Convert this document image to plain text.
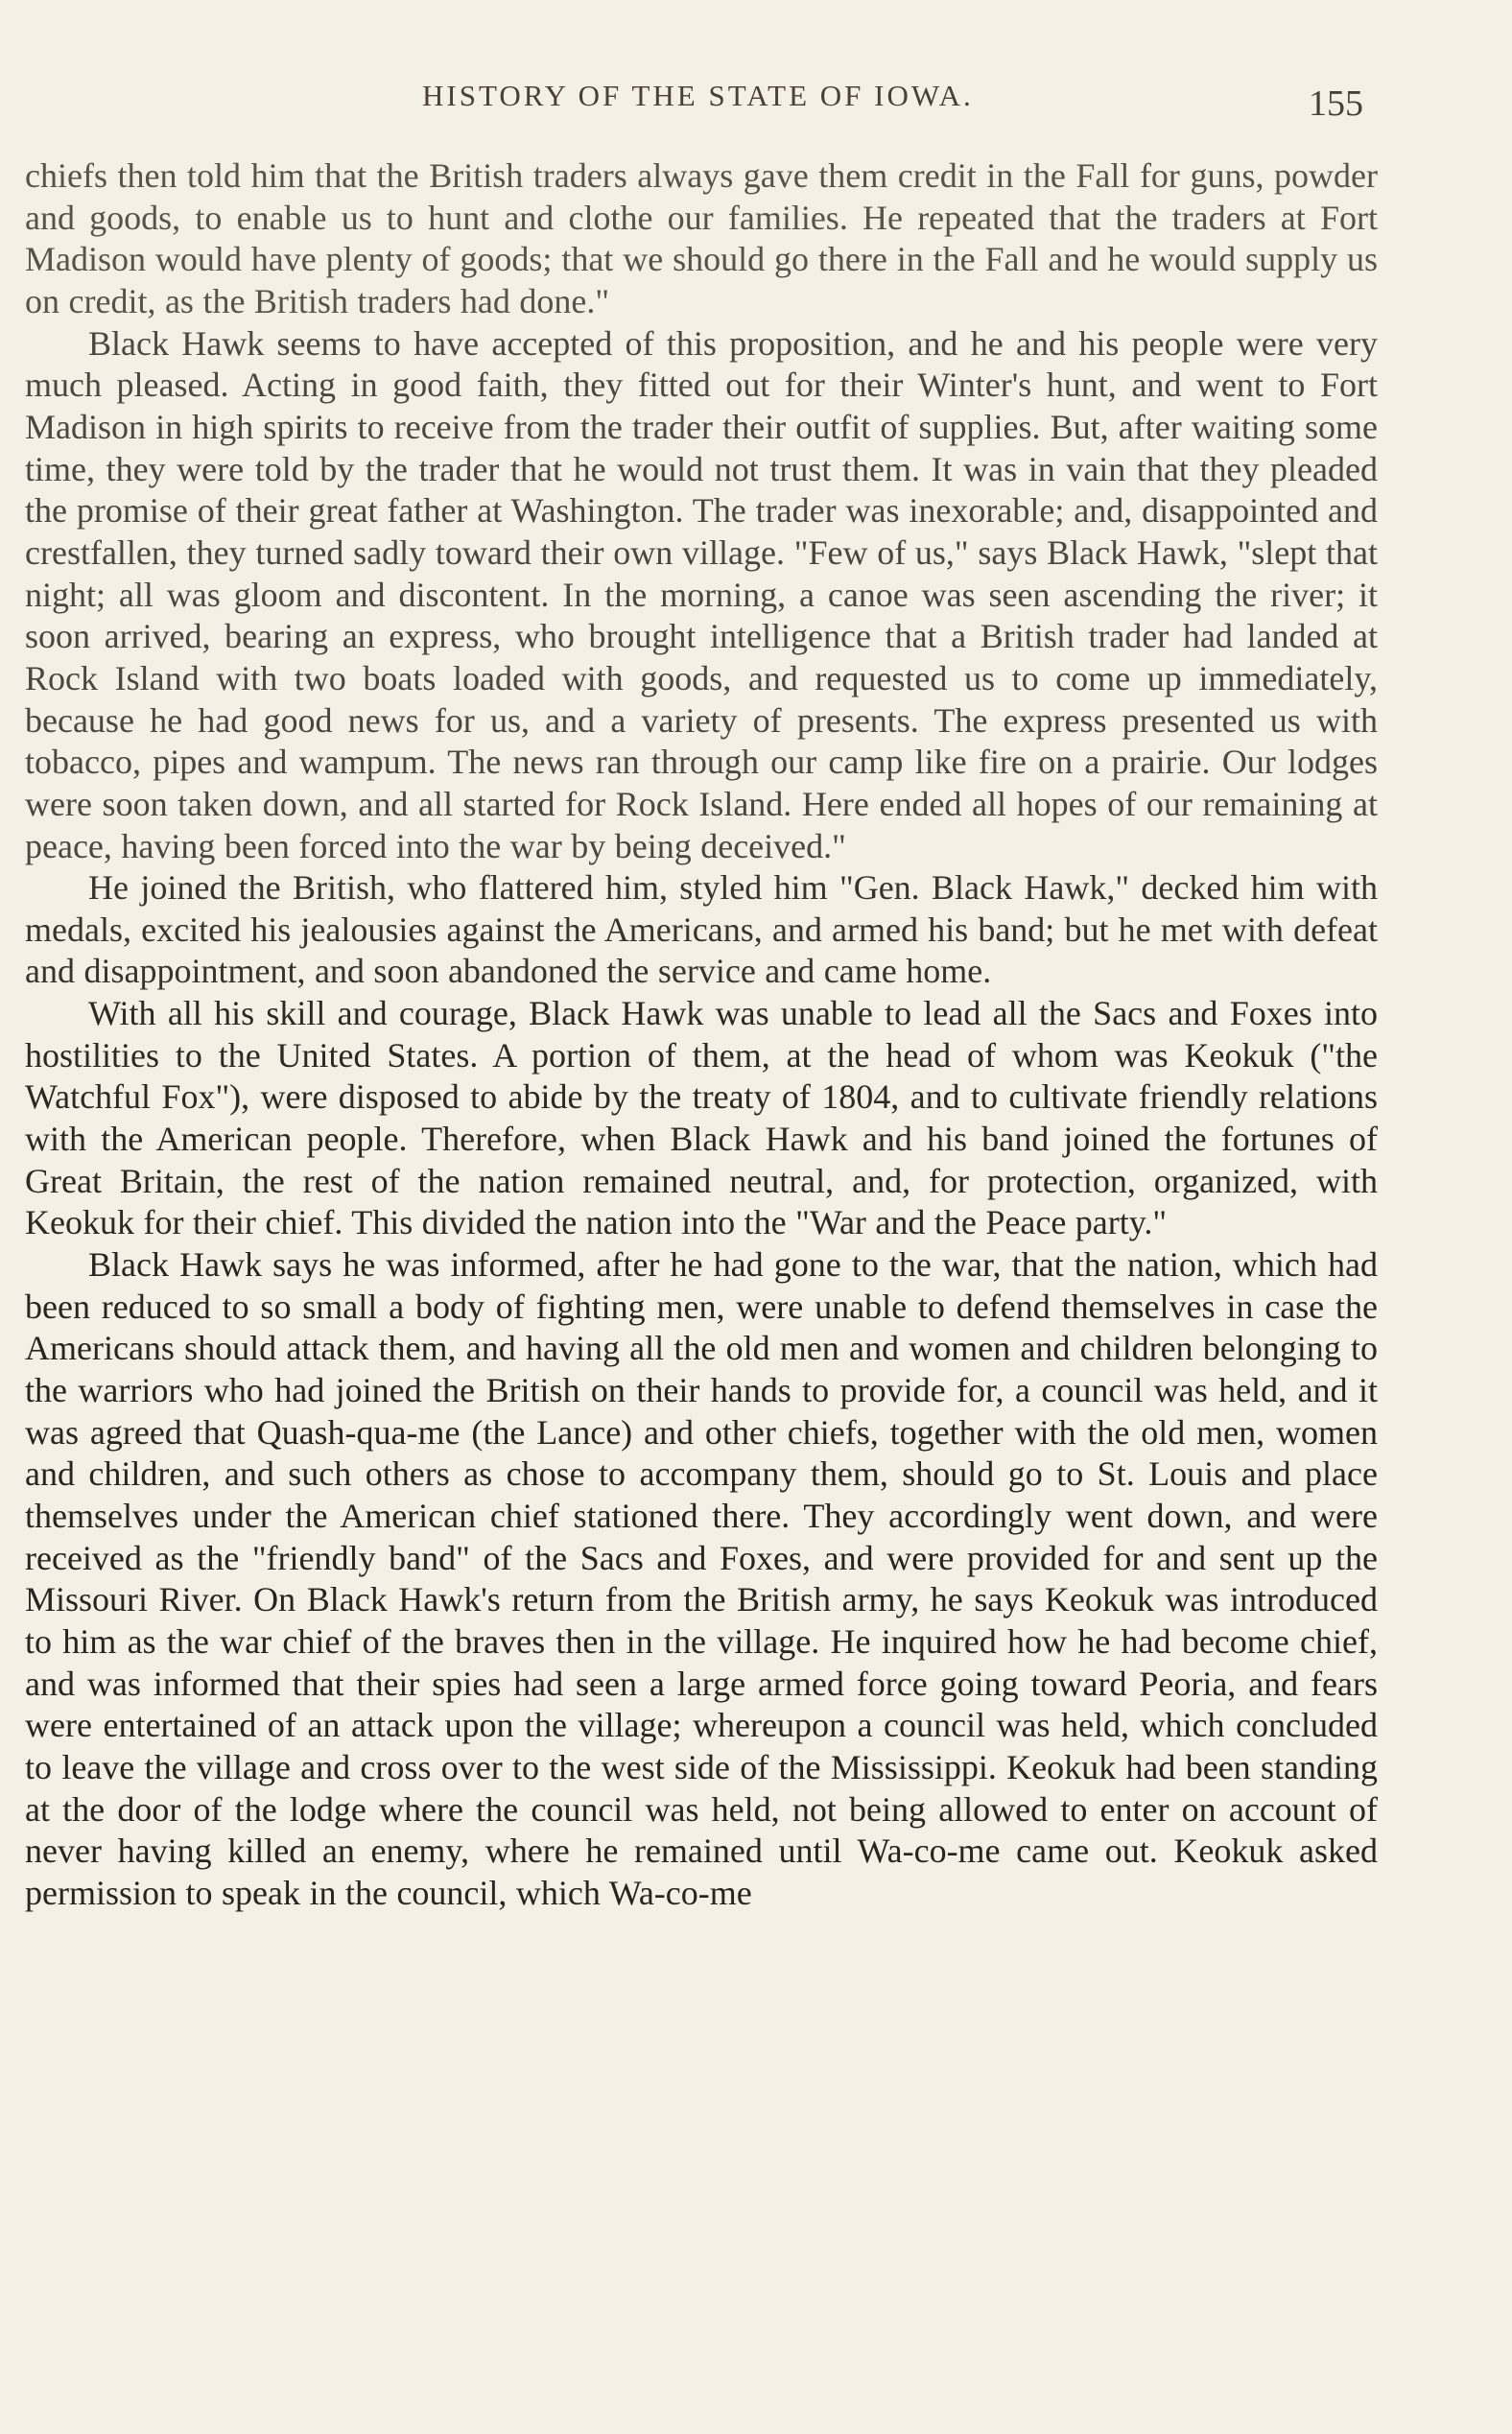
HISTORY OF THE STATE OF IOWA.	155

chiefs then told him that the British traders always gave them credit in the Fall for guns, powder and goods, to enable us to hunt and clothe our families. He repeated that the traders at Fort Madison would have plenty of goods; that we should go there in the Fall and he would supply us on credit, as the British traders had done."

Black Hawk seems to have accepted of this proposition, and he and his people were very much pleased. Acting in good faith, they fitted out for their Winter's hunt, and went to Fort Madison in high spirits to receive from the trader their outfit of supplies. But, after waiting some time, they were told by the trader that he would not trust them. It was in vain that they pleaded the promise of their great father at Washington. The trader was inexorable; and, disappointed and crestfallen, they turned sadly toward their own village. "Few of us," says Black Hawk, "slept that night; all was gloom and discontent. In the morning, a canoe was seen ascending the river; it soon arrived, bearing an express, who brought intelligence that a British trader had landed at Rock Island with two boats loaded with goods, and requested us to come up immediately, because he had good news for us, and a variety of presents. The express presented us with tobacco, pipes and wampum. The news ran through our camp like fire on a prairie. Our lodges were soon taken down, and all started for Rock Island. Here ended all hopes of our remaining at peace, having been forced into the war by being deceived."

He joined the British, who flattered him, styled him "Gen. Black Hawk," decked him with medals, excited his jealousies against the Americans, and armed his band; but he met with defeat and disappointment, and soon abandoned the service and came home.

With all his skill and courage, Black Hawk was unable to lead all the Sacs and Foxes into hostilities to the United States. A portion of them, at the head of whom was Keokuk ("the Watchful Fox"), were disposed to abide by the treaty of 1804, and to cultivate friendly relations with the American people. Therefore, when Black Hawk and his band joined the fortunes of Great Britain, the rest of the nation remained neutral, and, for protection, organized, with Keokuk for their chief. This divided the nation into the "War and the Peace party."

Black Hawk says he was informed, after he had gone to the war, that the nation, which had been reduced to so small a body of fighting men, were unable to defend themselves in case the Americans should attack them, and having all the old men and women and children belonging to the warriors who had joined the British on their hands to provide for, a council was held, and it was agreed that Quash-qua-me (the Lance) and other chiefs, together with the old men, women and children, and such others as chose to accompany them, should go to St. Louis and place themselves under the American chief stationed there. They accordingly went down, and were received as the "friendly band" of the Sacs and Foxes, and were provided for and sent up the Missouri River. On Black Hawk's return from the British army, he says Keokuk was introduced to him as the war chief of the braves then in the village. He inquired how he had become chief, and was informed that their spies had seen a large armed force going toward Peoria, and fears were entertained of an attack upon the village; whereupon a council was held, which concluded to leave the village and cross over to the west side of the Mississippi. Keokuk had been standing at the door of the lodge where the council was held, not being allowed to enter on account of never having killed an enemy, where he remained until Wa-co-me came out. Keokuk asked permission to speak in the council, which Wa-co-me
